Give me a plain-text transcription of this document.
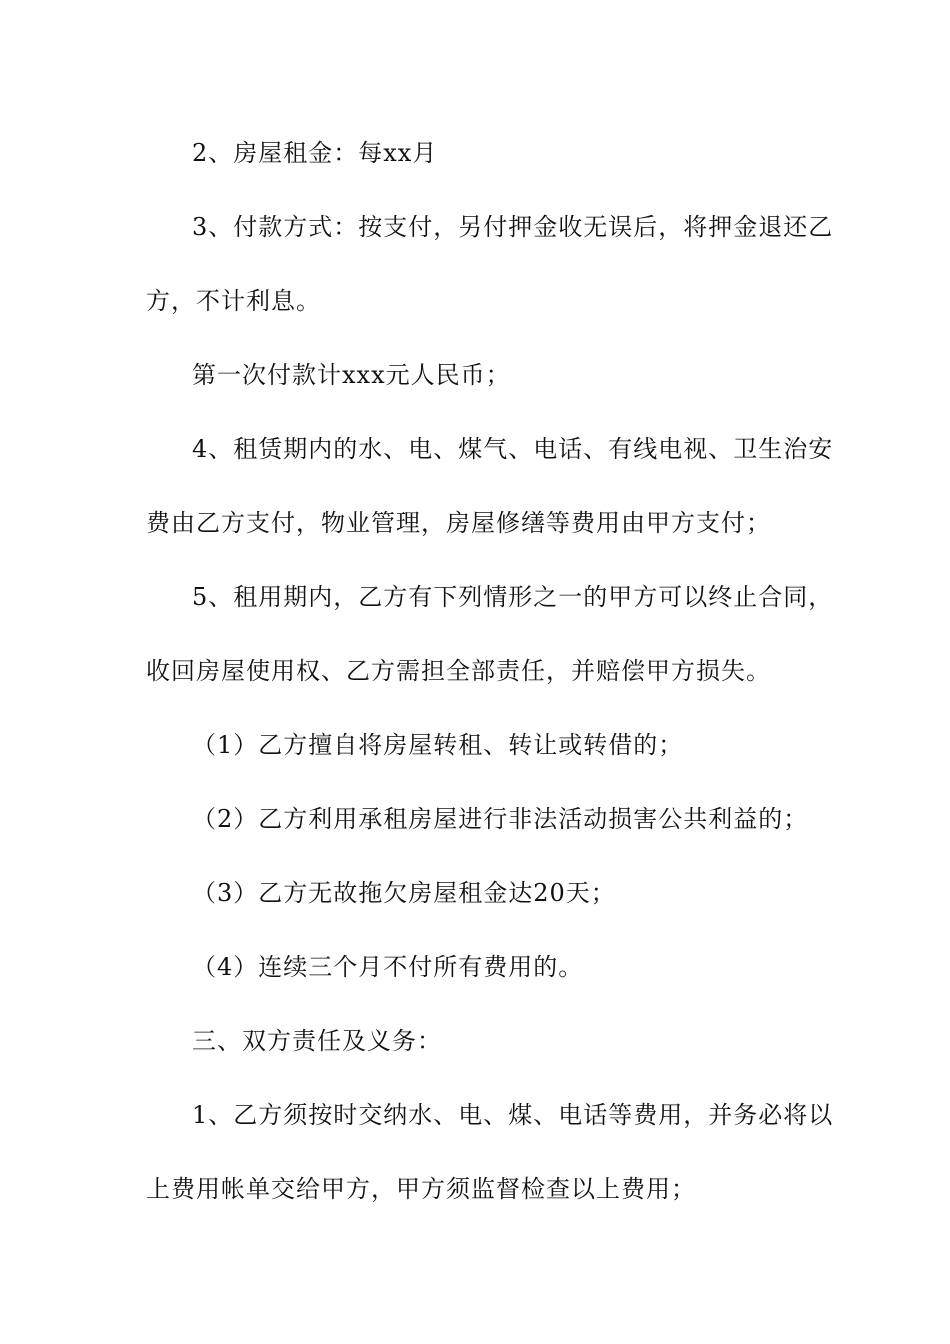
2、房屋租金：每xx月
3、付款方式：按支付，另付押金收无误后，将押金退还乙
方，不计利息。
第一次付款计xxx元人民币；
4、租赁期内的水、电、煤气、电话、有线电视、卫生治安
费由乙方支付，物业管理，房屋修缮等费用由甲方支付；
5、租用期内，乙方有下列情形之一的甲方可以终止合同，
收回房屋使用权、乙方需担全部责任，并赔偿甲方损失。
（1）乙方擅自将房屋转租、转让或转借的；
（2）乙方利用承租房屋进行非法活动损害公共利益的；
（3）乙方无故拖欠房屋租金达20天；
（4）连续三个月不付所有费用的。
三、双方责任及义务：
1、乙方须按时交纳水、电、煤、电话等费用，并务必将以
上费用帐单交给甲方，甲方须监督检查以上费用；
